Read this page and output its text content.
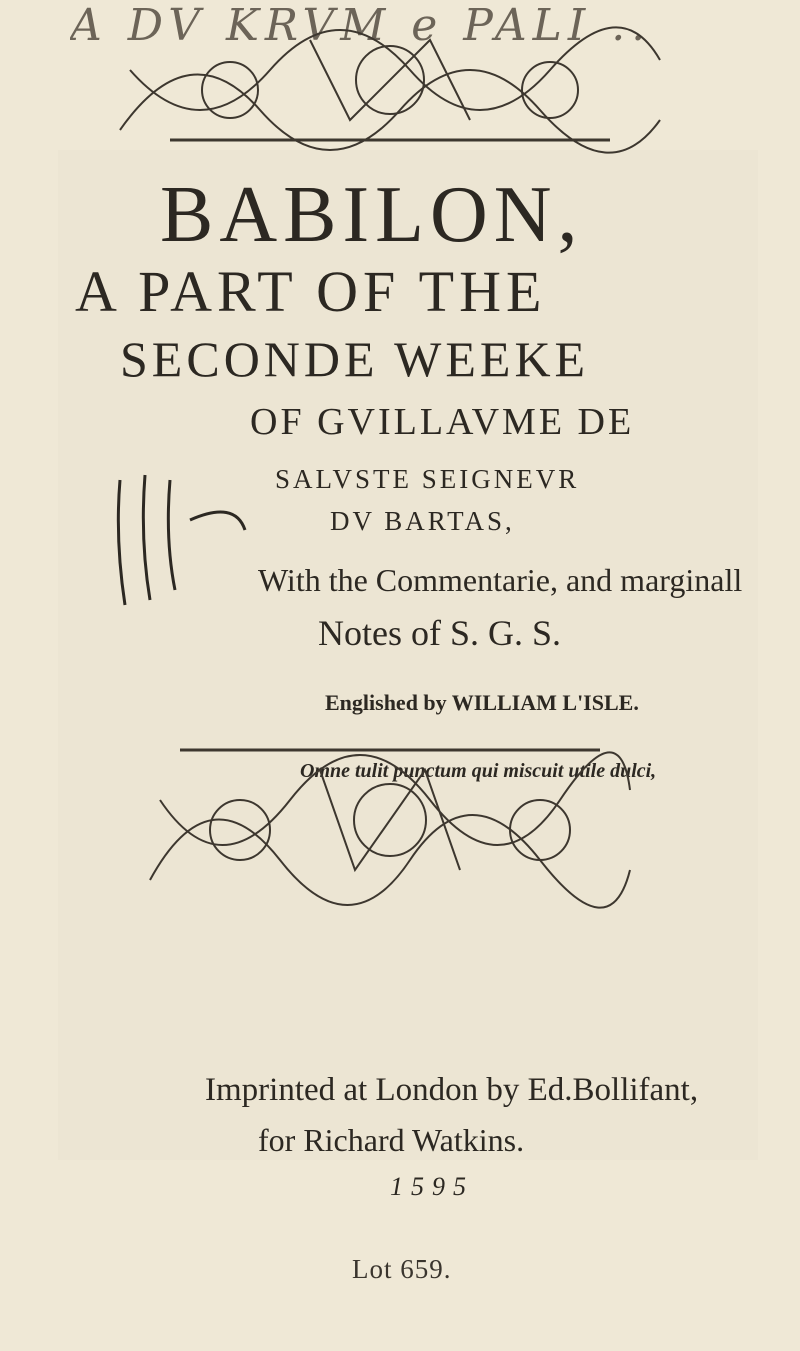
A DV KRVM e PALI ..
BABILON,
A PART OF THE
SECONDE WEEKE
OF GVILLAVME DE
SALVSTE SEIGNEVR
DV BARTAS,
With the Commentarie, and marginall
Notes of S. G. S.
Englished by WILLIAM L'ISLE.
Omne tulit punctum qui miscuit utile dulci,
Imprinted at London by Ed.Bollifant,
for Richard Watkins.
1595
Lot 659.
